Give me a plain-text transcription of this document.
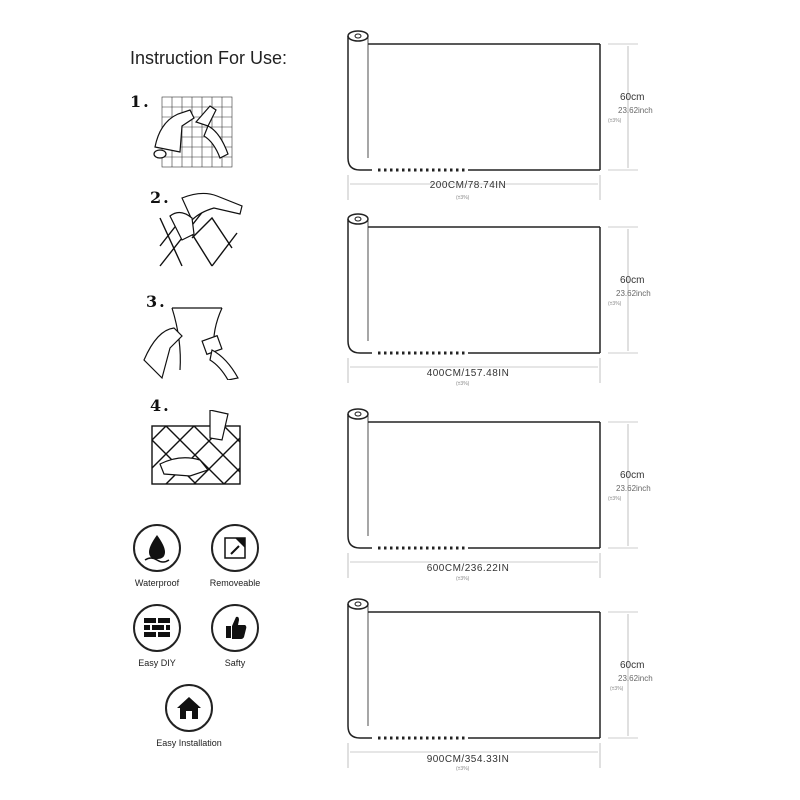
Instruction For Use:
1.
2.
3.
4.
Waterproof	Removeable
Easy DIY	Safty
Easy Installation
200CM/78.74IN
(±3%)
60cm
23.62inch
(±3%)
400CM/157.48IN
(±3%)
60cm
23.62inch
(±3%)
600CM/236.22IN
(±3%)
60cm
23.62inch
(±3%)
900CM/354.33IN
(±3%)
60cm
23.62inch
(±3%)
